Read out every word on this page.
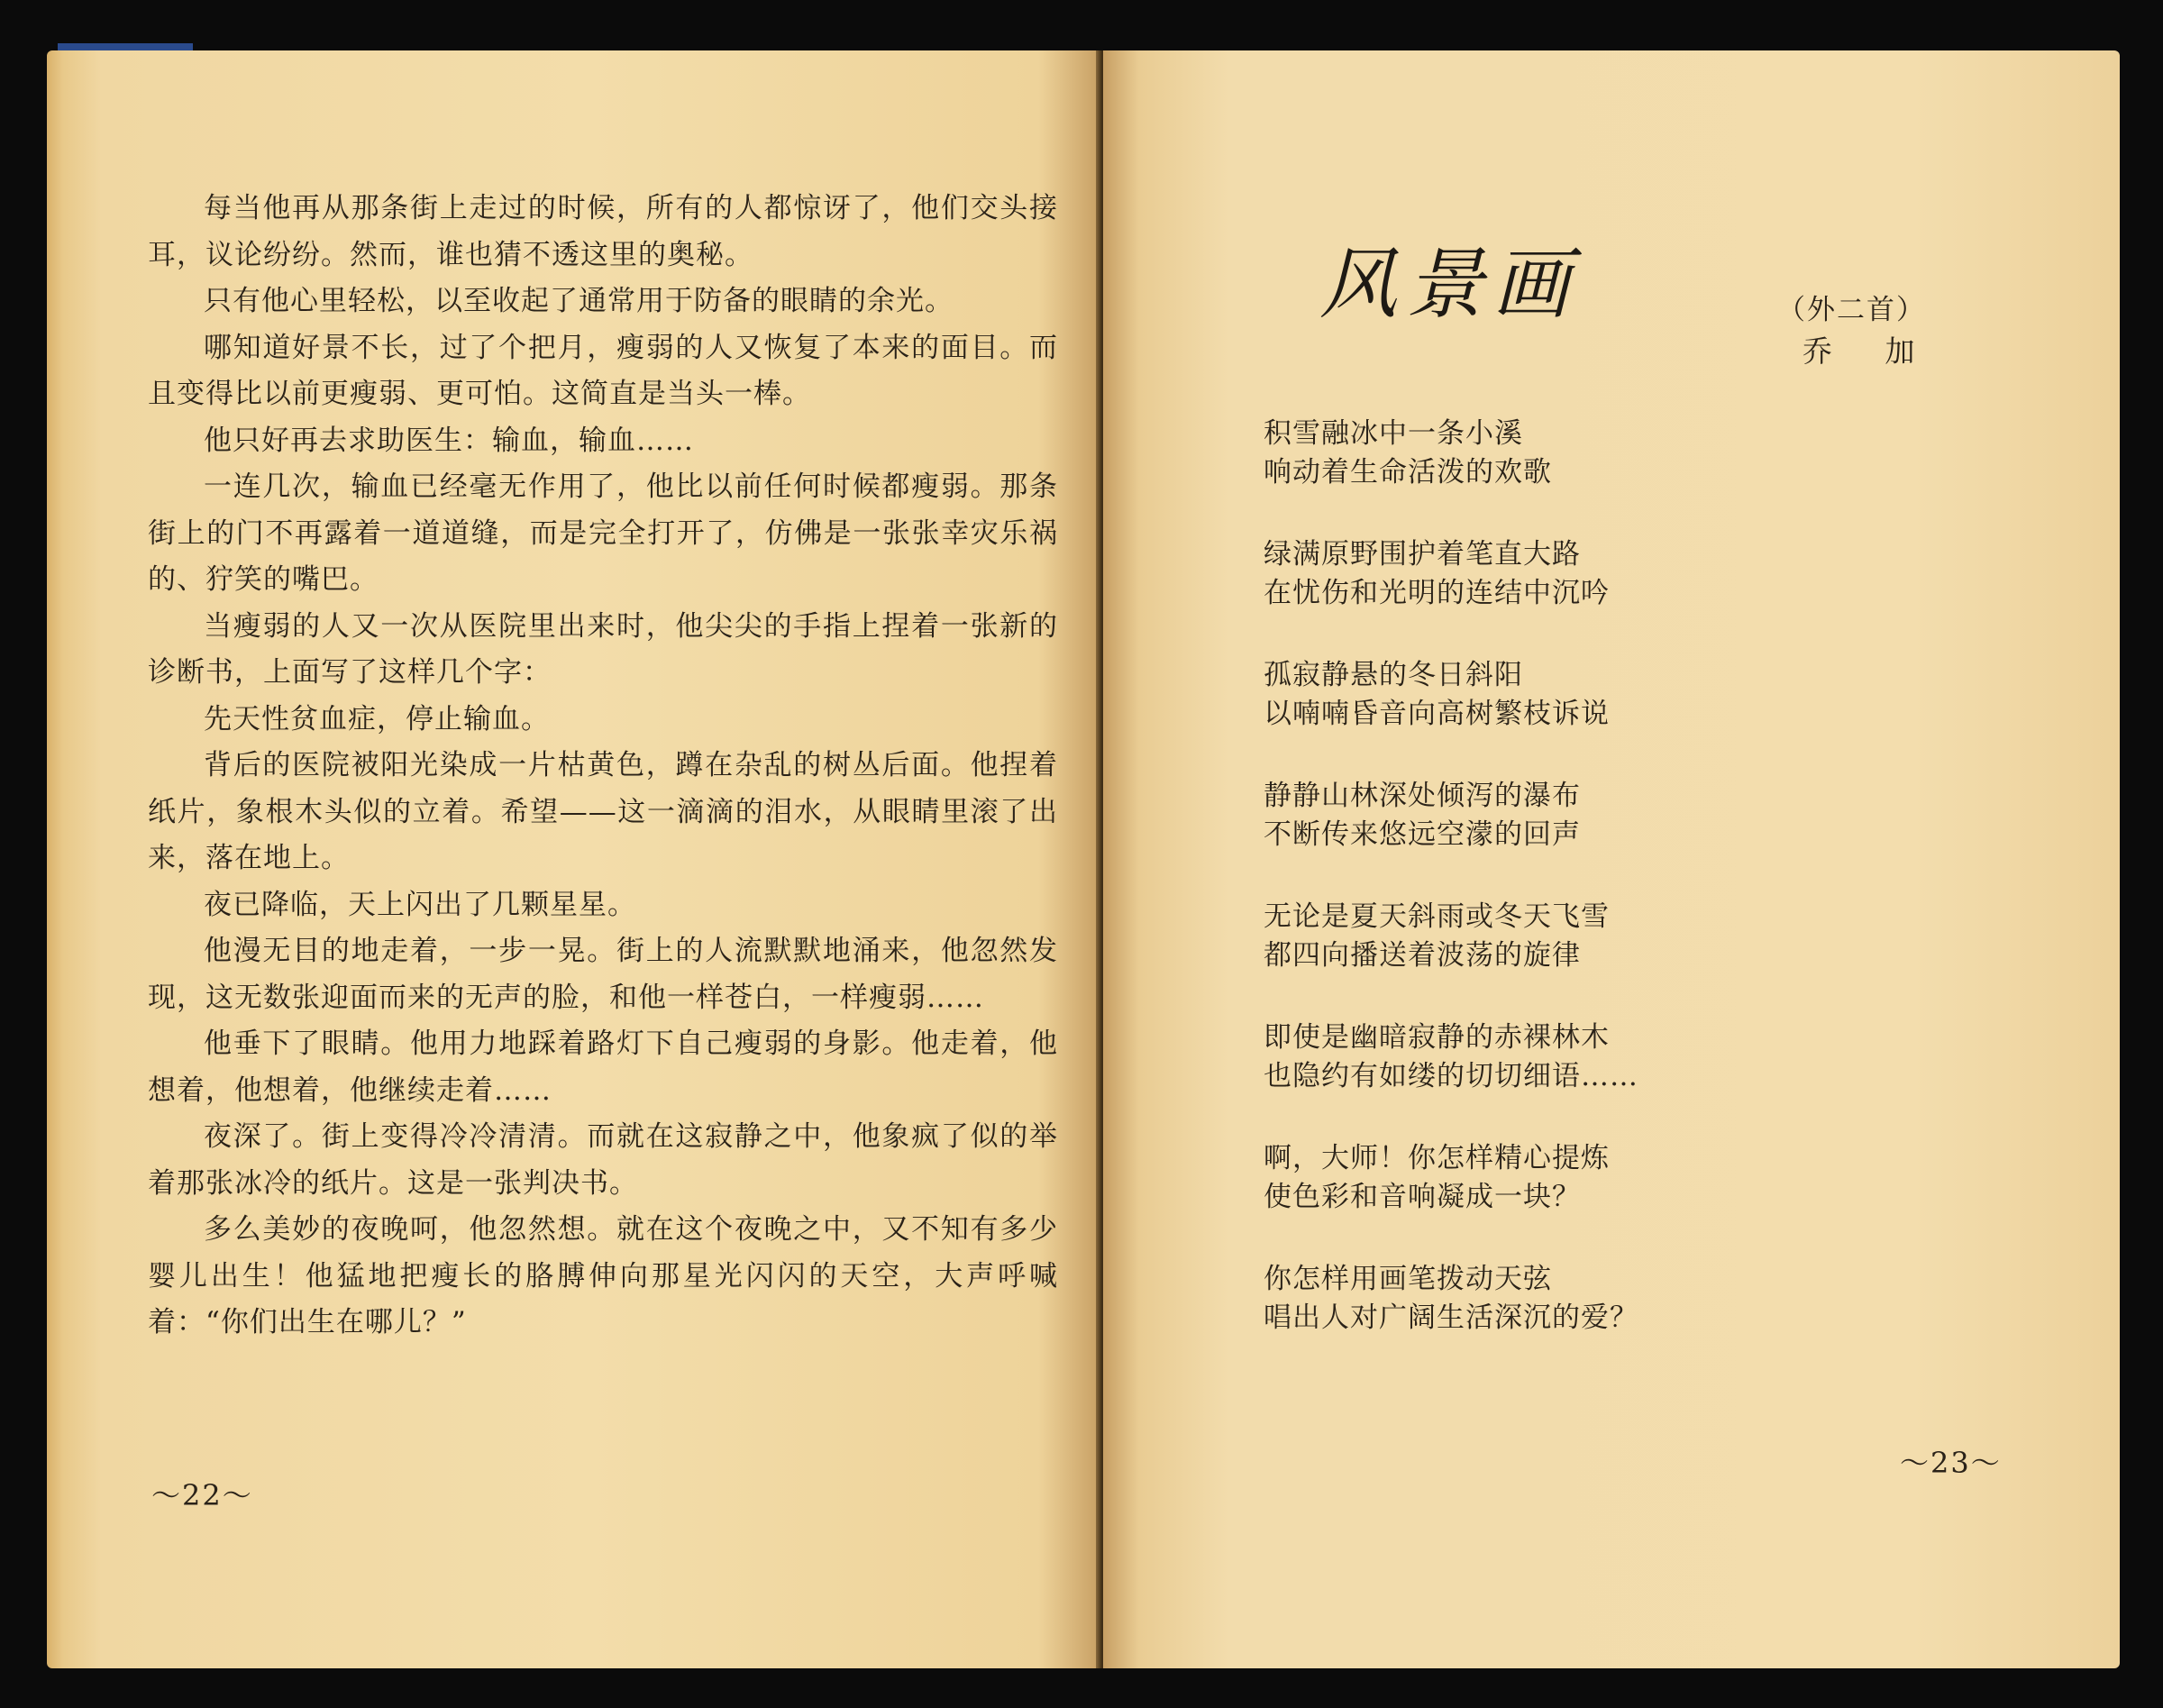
每当他再从那条街上走过的时候，所有的人都惊讶了，他们交头接耳，议论纷纷。然而，谁也猜不透这里的奥秘。

只有他心里轻松，以至收起了通常用于防备的眼睛的余光。

哪知道好景不长，过了个把月，瘦弱的人又恢复了本来的面目。而且变得比以前更瘦弱、更可怕。这简直是当头一棒。

他只好再去求助医生：输血，输血……

一连几次，输血已经毫无作用了，他比以前任何时候都瘦弱。那条街上的门不再露着一道道缝，而是完全打开了，仿佛是一张张幸灾乐祸的、狞笑的嘴巴。

当瘦弱的人又一次从医院里出来时，他尖尖的手指上捏着一张新的诊断书，上面写了这样几个字：

先天性贫血症，停止输血。

背后的医院被阳光染成一片枯黄色，蹲在杂乱的树丛后面。他捏着纸片，象根木头似的立着。希望——这一滴滴的泪水，从眼睛里滚了出来，落在地上。

夜已降临，天上闪出了几颗星星。

他漫无目的地走着，一步一晃。街上的人流默默地涌来，他忽然发现，这无数张迎面而来的无声的脸，和他一样苍白，一样瘦弱……

他垂下了眼睛。他用力地踩着路灯下自己瘦弱的身影。他走着，他想着，他想着，他继续走着……

夜深了。街上变得冷冷清清。而就在这寂静之中，他象疯了似的举着那张冰冷的纸片。这是一张判决书。

多么美妙的夜晚呵，他忽然想。就在这个夜晚之中，又不知有多少婴儿出生！他猛地把瘦长的胳膊伸向那星光闪闪的天空，大声呼喊着：“你们出生在哪儿？”

～22～
风景画	（外二首）
乔 加
积雪融冰中一条小溪
响动着生命活泼的欢歌
绿满原野围护着笔直大路
在忧伤和光明的连结中沉吟
孤寂静悬的冬日斜阳
以喃喃昏音向高树繁枝诉说
静静山林深处倾泻的瀑布
不断传来悠远空濛的回声
无论是夏天斜雨或冬天飞雪
都四向播送着波荡的旋律
即使是幽暗寂静的赤裸林木
也隐约有如缕的切切细语……
啊，大师！你怎样精心提炼
使色彩和音响凝成一块？
你怎样用画笔拨动天弦
唱出人对广阔生活深沉的爱？
～23～
